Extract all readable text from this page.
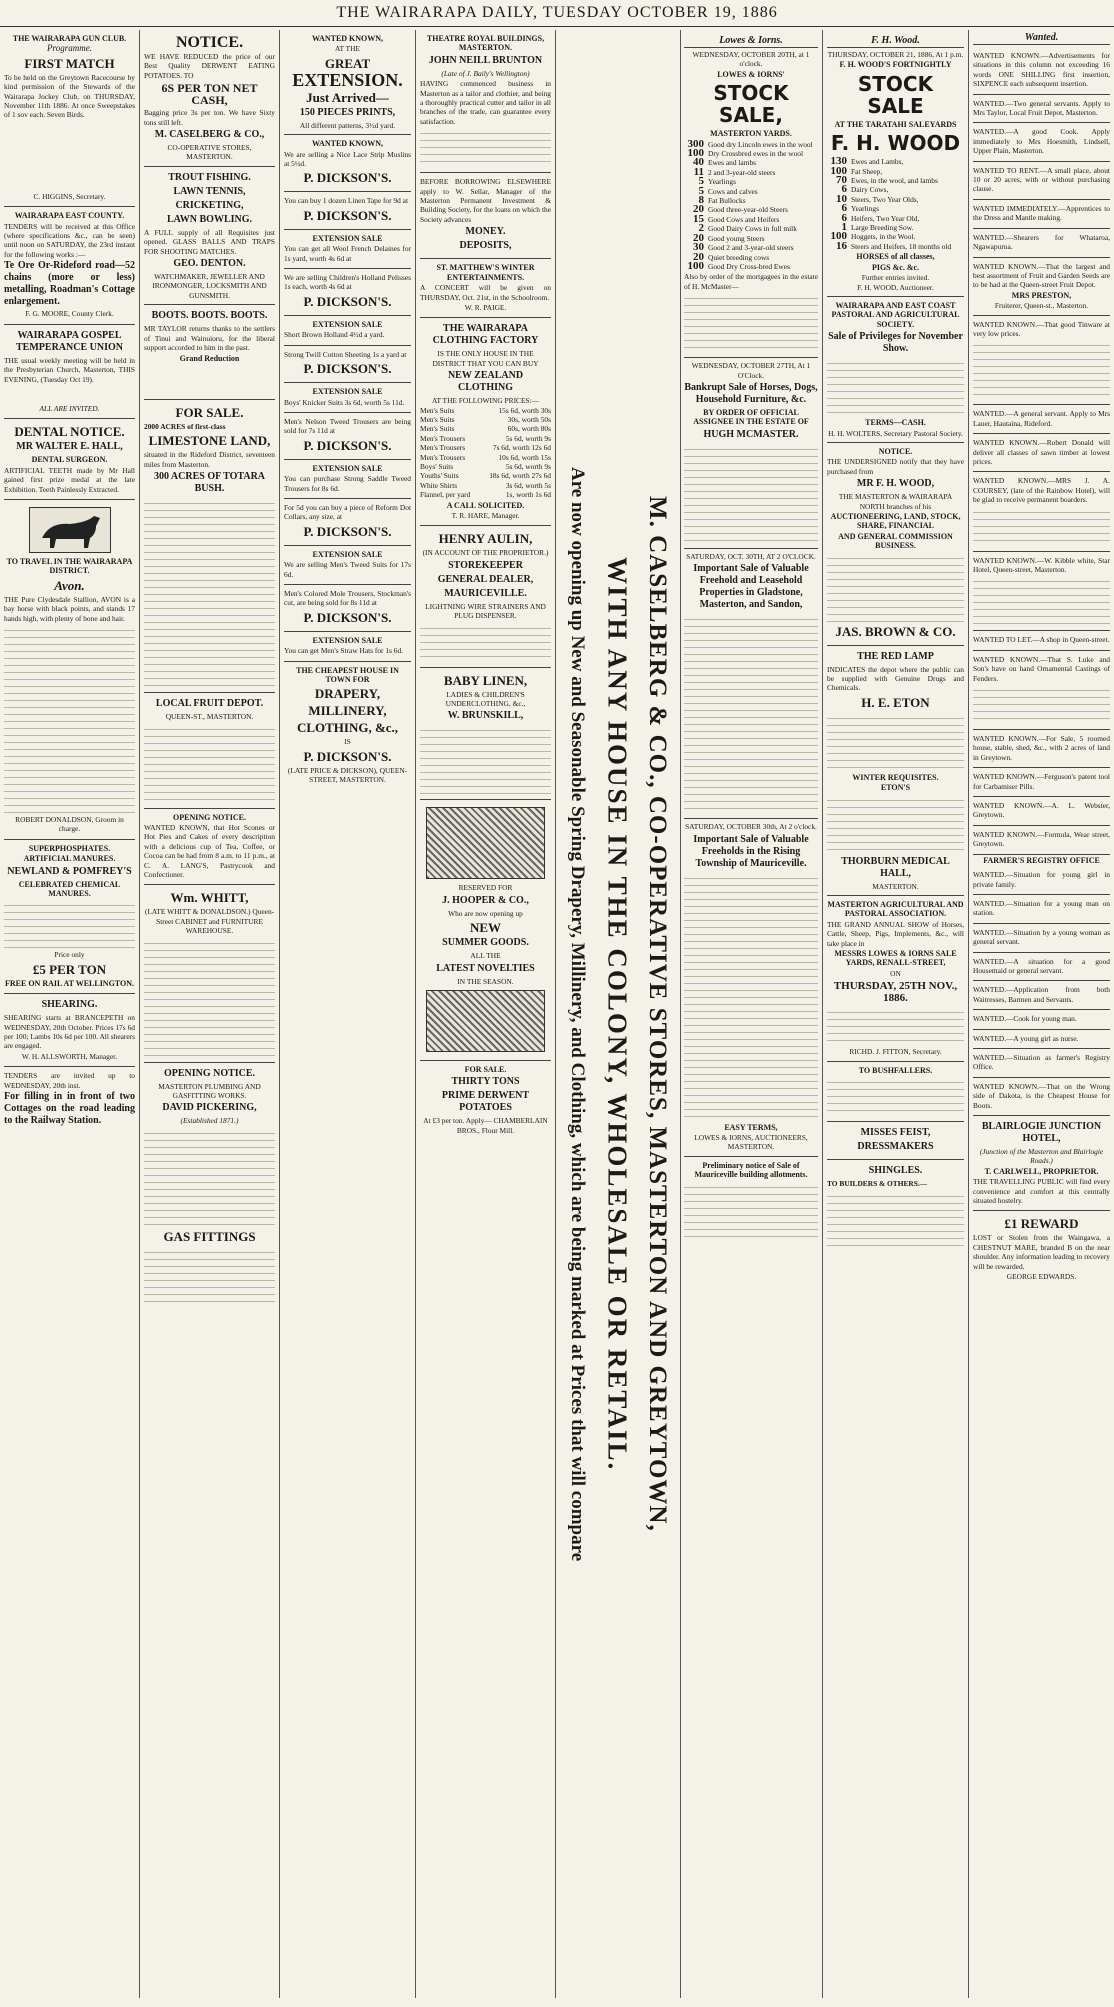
THE WAIRARAPA DAILY, TUESDAY OCTOBER 19, 1886
THE WAIRARAPA GUN CLUB.
Programme.
FIRST MATCH

To be held on the Greytown Racecourse by kind permission of the Stewards of the Wairarapa Jockey Club, on THURSDAY, November 11th 1886. At once Sweepstakes of 1 sov each. Seven Birds.

C. HIGGINS, Secretary.

WAIRARAPA EAST COUNTY.

TENDERS will be received at this Office (where specifications &c., can be seen) until noon on SATURDAY, the 23rd instant for the following works :—

Te Ore Or-Rideford road—52 chains (more or less) metalling, Roadman's Cottage enlargement.

F. G. MOORE, County Clerk.

WAIRARAPA GOSPEL TEMPERANCE UNION

THE usual weekly meeting will be held in the Presbyterian Church, Masterton, THIS EVENING, (Tuesday Oct 19).

ALL ARE INVITED.

DENTAL NOTICE.
MR WALTER E. HALL,
DENTAL SURGEON.

ARTIFICIAL TEETH made by Mr Hall gained first prize medal at the late Exhibition. Teeth Painlessly Extracted.

TO TRAVEL IN THE WAIRARAPA DISTRICT.
Avon.

THE Pure Clydesdale Stallion, AVON is a bay horse with black points, and stands 17 hands high, with plenty of bone and hair.

ROBERT DONALDSON, Groom in charge.

SUPERPHOSPHATES.
ARTIFICIAL MANURES.
NEWLAND & POMFREY'S
CELEBRATED CHEMICAL MANURES.

Price only
£5 PER TON
FREE ON RAIL AT WELLINGTON.
SHEARING.

SHEARING starts at BRANCEPETH on WEDNESDAY, 20th October. Prices 17s 6d per 100; Lambs 10s 6d per 100. All shearers are engaged.

W. H. ALLSWORTH, Manager.

TENDERS are invited up to WEDNESDAY, 20th inst.

For filling in in front of two Cottages on the road leading to the Railway Station.

NOTICE.

WE HAVE REDUCED the price of our Best Quality DERWENT EATING POTATOES. TO

6S PER TON NET CASH,

Bagging price 3s per ton. We have Sixty tons still left.

M. CASELBERG & CO.,
CO-OPERATIVE STORES, MASTERTON.
TROUT FISHING.
LAWN TENNIS,
CRICKETING,
LAWN BOWLING.

A FULL supply of all Requisites just opened. GLASS BALLS AND TRAPS FOR SHOOTING MATCHES.

GEO. DENTON.
WATCHMAKER, JEWELLER AND IRONMONGER, LOCKSMITH AND GUNSMITH.
BOOTS. BOOTS. BOOTS.

MR TAYLOR returns thanks to the settlers of Tinui and Wainuioru, for the liberal support accorded to him in the past.

Grand Reduction

FOR SALE.

2000 ACRES of first-class

LIMESTONE LAND,

situated in the Rideford District, seventeen miles from Masterton.

300 ACRES OF TOTARA BUSH.

LOCAL FRUIT DEPOT.
QUEEN-ST., MASTERTON.

OPENING NOTICE.

WANTED KNOWN, that Hot Scones or Hot Pies and Cakes of every description with a delicious cup of Tea, Coffee, or Cocoa can be had from 8 a.m. to 11 p.m., at C. A. LANG'S, Pastrycook and Confectioner.

Wm. WHITT,
(LATE WHITT & DONALDSON.) Queen-Street CABINET and FURNITURE WAREHOUSE.

OPENING NOTICE.
MASTERTON PLUMBING AND GASFITTING WORKS.
DAVID PICKERING,
(Established 1871.)

GAS FITTINGS

WANTED KNOWN,
AT THE
GREAT
EXTENSION.
Just Arrived—
150 PIECES PRINTS,
All different patterns, 3½d yard.
WANTED KNOWN,

We are selling a Nice Lace Strip Muslins at 5½d.

P. DICKSON'S.

You can buy 1 dozen Linen Tape for 9d at

P. DICKSON'S.
EXTENSION SALE

You can get all Wool French Delaines for 1s yard, worth 4s 6d at

We are selling Children's Holland Pelisses 1s each, worth 4s 6d at

P. DICKSON'S.
EXTENSION SALE

Short Brown Holland 4½d a yard.

Strong Twill Cotton Sheeting 1s a yard at

P. DICKSON'S.
EXTENSION SALE

Boys' Knicker Suits 3s 6d, worth 5s 11d.

Men's Nelson Tweed Trousers are being sold for 7s 11d at

P. DICKSON'S.
EXTENSION SALE

You can purchase Strong Saddle Tweed Trousers for 8s 6d.

For 5d you can buy a piece of Reform Dot Collars, any size, at

P. DICKSON'S.
EXTENSION SALE

We are selling Men's Tweed Suits for 17s 6d.

Men's Colored Mole Trousers, Stockman's cut, are being sold for 8s 11d at

P. DICKSON'S.
EXTENSION SALE

You can get Men's Straw Hats for 1s 6d.

THE CHEAPEST HOUSE IN TOWN FOR
DRAPERY,
MILLINERY,
CLOTHING, &c.,
IS
P. DICKSON'S.
(LATE PRICE & DICKSON), QUEEN-STREET, MASTERTON.
THEATRE ROYAL BUILDINGS, MASTERTON.
JOHN NEILL BRUNTON
(Late of J. Baily's Wellington)

HAVING commenced business in Masterton as a tailor and clothier, and being a thoroughly practical cutter and tailor in all branches of the trade, can guarantee every satisfaction.

BEFORE BORROWING ELSEWHERE apply to W. Sellar, Manager of the Masterton Permanent Investment & Building Society, for the loans on which the Society advances

MONEY.
DEPOSITS,
ST. MATTHEW'S WINTER ENTERTAINMENTS.

A CONCERT will be given on THURSDAY, Oct. 21st, in the Schoolroom.

W. R. PAIGE.

THE WAIRARAPA CLOTHING FACTORY
IS THE ONLY HOUSE IN THE DISTRICT THAT YOU CAN BUY
NEW ZEALAND CLOTHING
AT THE FOLLOWING PRICES:—
Men's Suits	15s 6d, worth 30s
Men's Suits	30s, worth 50s
Men's Suits	60s, worth 80s
Men's Trousers	5s 6d, worth 9s
Men's Trousers	7s 6d, worth 12s 6d
Men's Trousers	10s 6d, worth 15s
Boys' Suits	5s 6d, worth 9s
Youths' Suits	18s 6d, worth 27s 6d
White Shirts	3s 6d, worth 5s
Flannel, per yard	1s, worth 1s 6d
A CALL SOLICITED.

T. R. HARE, Manager.

HENRY AULIN,
(IN ACCOUNT OF THE PROPRIETOR.)
STOREKEEPER
GENERAL DEALER,
MAURICEVILLE.
LIGHTNING WIRE STRAINERS AND PLUG DISPENSER.

BABY LINEN,
LADIES & CHILDREN'S UNDERCLOTHING, &c.,
W. BRUNSKILL,

RESERVED FOR
J. HOOPER & CO.,
Who are now opening up
NEW
SUMMER GOODS.
ALL THE
LATEST NOVELTIES
IN THE SEASON.
FOR SALE.
THIRTY TONS
PRIME DERWENT POTATOES

At £3 per ton. Apply— CHAMBERLAIN BROS., Flour Mill.	Are now opening up New and Seasonable Spring Drapery, Millinery, and Clothing, which are being marked at Prices that will compare WITH ANY HOUSE IN THE COLONY, WHOLESALE OR RETAIL. M. CASELBERG & CO., CO-OPERATIVE STORES, MASTERTON AND GREYTOWN,
Lowes & Iorns.
WEDNESDAY, OCTOBER 20TH, at 1 o'clock.
LOWES & IORNS'
STOCK SALE,
MASTERTON YARDS.
300 Good dry Lincoln ewes in the wool
100 Dry Crossbred ewes in the wool
40 Ewes and lambs
11 2 and 3-year-old steers
5 Yearlings
5 Cows and calves
8 Fat Bullocks
20 Good three-year-old Steers
15 Good Cows and Heifers
2 Good Dairy Cows in full milk
20 Good young Steers
30 Good 2 and 3-year-old steers
20 Quiet breeding cows
100 Good Dry Cross-bred Ewes

Also by order of the mortgagees in the estate of H. McMaster—

WEDNESDAY, OCTOBER 27TH, At 1 O'Clock.
Bankrupt Sale of Horses, Dogs, Household Furniture, &c.
BY ORDER OF OFFICIAL ASSIGNEE IN THE ESTATE OF
HUGH MCMASTER.

SATURDAY, OCT. 30TH, AT 2 O'CLOCK.
Important Sale of Valuable Freehold and Leasehold Properties in Gladstone, Masterton, and Sandon,

SATURDAY, OCTOBER 30th, At 2 o'clock.
Important Sale of Valuable Freeholds in the Rising Township of Mauriceville.

EASY TERMS,
LOWES & IORNS, AUCTIONEERS, MASTERTON.
Preliminary notice of Sale of Mauriceville building allotments.

F. H. Wood.
THURSDAY, OCTOBER 21, 1886, At 1 p.m.
F. H. WOOD'S FORTNIGHTLY
STOCK SALE
AT THE TARATAHI SALEYARDS
F. H. WOOD
130 Ewes and Lambs,
100 Fat Sheep,
70 Ewes, in the wool, and lambs
6 Dairy Cows,
10 Steers, Two Year Olds,
6 Yearlings
6 Heifers, Two Year Old,
1 Large Breeding Sow.
100 Hoggets, in the Wool.
16 Steers and Heifers, 18 months old
HORSES of all classes,
PIGS &c. &c.
Further entries invited.
F. H. WOOD, Auctioneer.
WAIRARAPA AND EAST COAST PASTORAL AND AGRICULTURAL SOCIETY.
Sale of Privileges for November Show.

TERMS—CASH.
H. H. WOLTERS, Secretary Pastoral Society.
NOTICE.

THE UNDERSIGNED notify that they have purchased from

MR F. H. WOOD,
THE MASTERTON & WAIRARAPA NORTH branches of his
AUCTIONEERING, LAND, STOCK, SHARE, FINANCIAL
AND GENERAL COMMISSION BUSINESS.

JAS. BROWN & CO.
THE RED LAMP

INDICATES the depot where the public can be supplied with Genuine Drugs and Chemicals.

H. E. ETON

WINTER REQUISITES.
ETON'S

THORBURN MEDICAL HALL,
MASTERTON.
MASTERTON AGRICULTURAL AND PASTORAL ASSOCIATION.

THE GRAND ANNUAL SHOW of Horses, Cattle, Sheep, Pigs, Implements, &c., will take place in

MESSRS LOWES & IORNS SALE YARDS, RENALL-STREET,
ON
THURSDAY, 25TH NOV., 1886.

RICHD. J. FITTON, Secretary.
TO BUSHFALLERS.

MISSES FEIST,
DRESSMAKERS
SHINGLES.

TO BUILDERS & OTHERS.—

Wanted.

WANTED KNOWN.—Advertisements for situations in this column not exceeding 16 words ONE SHILLING first insertion, SIXPENCE each subsequent insertion.

WANTED.—Two general servants. Apply to Mrs Taylor, Local Fruit Depot, Masterton.

WANTED.—A good Cook. Apply immediately to Mrs Hoesmith, Lindsell, Upper Plain, Masterton.

WANTED TO RENT.—A small place, about 10 or 20 acres, with or without purchasing clause.

WANTED IMMEDIATELY.—Apprentices to the Dress and Mantle making.

WANTED.—Shearers for Whataroa, Ngawapurua.

WANTED KNOWN.—That the largest and best assortment of Fruit and Garden Seeds are to be had at the Queen-street Fruit Depot.

MRS PRESTON,
Fruiterer, Queen-st., Masterton.

WANTED KNOWN.—That good Tinware at very low prices.

WANTED.—A general servant. Apply to Mrs Lauer, Hautaina, Rideford.

WANTED KNOWN.—Robert Donald will deliver all classes of sawn timber at lowest prices.

WANTED KNOWN.—MRS J. A. COURSEY, (late of the Rainbow Hotel), will be glad to receive permanent boarders.

WANTED KNOWN.—W. Kibble white, Star Hotel, Queen-street, Masterton.

WANTED TO LET.—A shop in Queen-street.

WANTED KNOWN.—That S. Luke and Son's have on hand Ornamental Castings of Fenders.

WANTED KNOWN.—For Sale, 5 roomed house, stable, shed, &c., with 2 acres of land in Greytown.

WANTED KNOWN.—Ferguson's patent tool for Carbamiser Pills.

WANTED KNOWN.—A. L. Webster, Greytown.

WANTED KNOWN.—Formula, Wear street, Greytown.

FARMER'S REGISTRY OFFICE

WANTED.—Situation for young girl in private family.

WANTED.—Situation for a young man on station.

WANTED.—Situation by a young woman as general servant.

WANTED.—A situation for a good Housemaid or general servant.

WANTED.—Application from both Waitresses, Barmen and Servants.

WANTED.—Cook for young man.

WANTED.—A young girl as nurse.

WANTED.—Situation as farmer's Registry Office.

WANTED KNOWN.—That on the Wrong side of Dakota, is the Cheapest House for Boots.

BLAIRLOGIE JUNCTION HOTEL,
(Junction of the Masterton and Blairlogie Roads.)
T. CARLWELL, PROPRIETOR.

THE TRAVELLING PUBLIC will find every convenience and comfort at this centrally situated hostelry.

£1 REWARD

LOST or Stolen from the Waingawa, a CHESTNUT MARE, branded B on the near shoulder. Any information leading to recovery will be rewarded.

GEORGE EDWARDS.
